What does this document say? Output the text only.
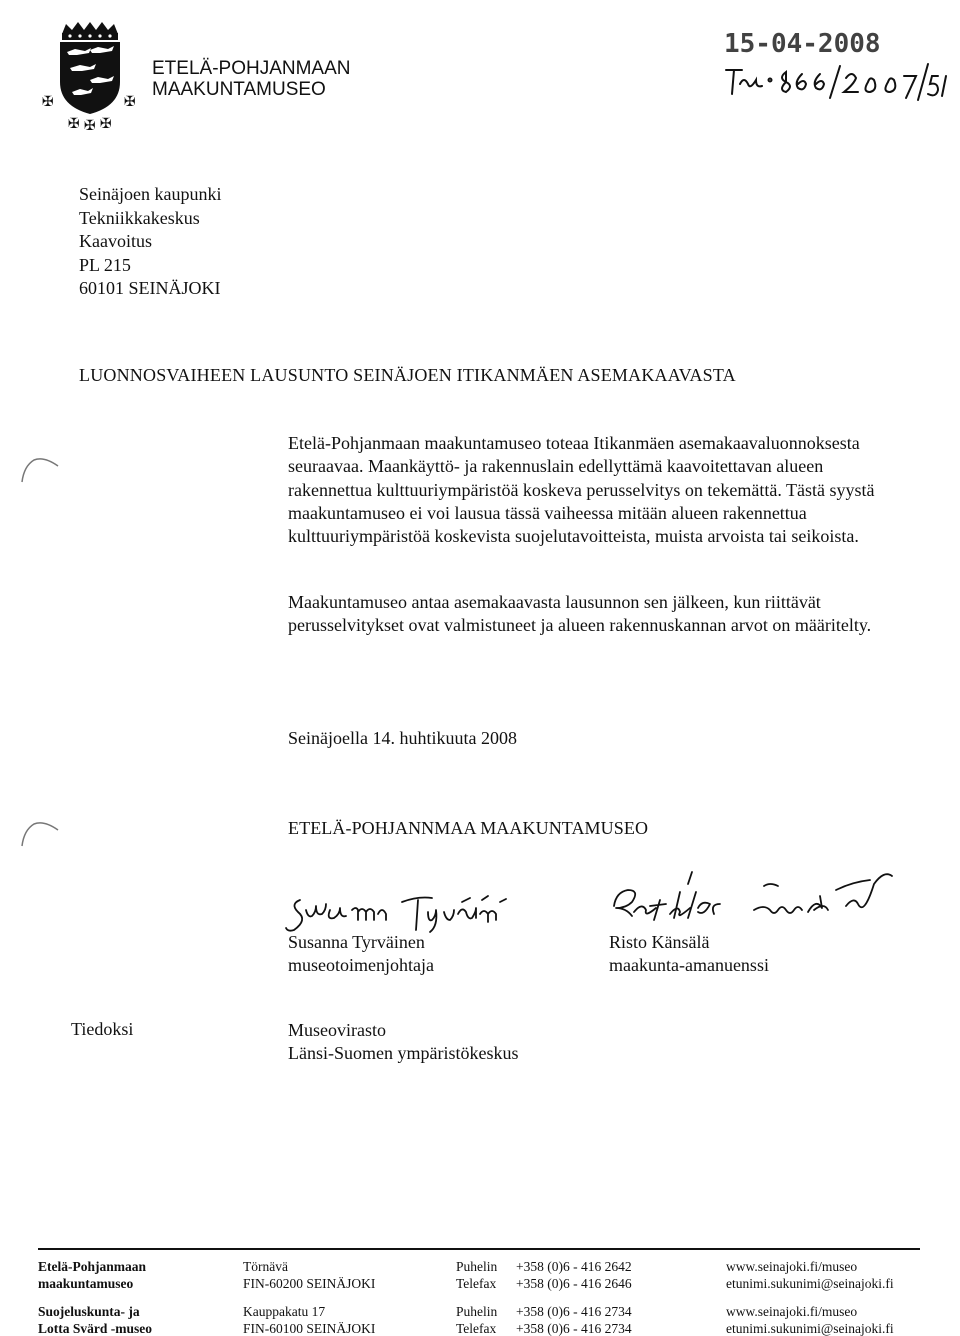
✠	✠
✠ ✠ ✠
ETELÄ-POHJANMAAN
MAAKUNTAMUSEO
15-04-2008
Seinäjoen kaupunki
Tekniikkakeskus
Kaavoitus
PL 215
60101 SEINÄJOKI
LUONNOSVAIHEEN LAUSUNTO SEINÄJOEN ITIKANMÄEN ASEMAKAAVASTA
Etelä-Pohjanmaan maakuntamuseo toteaa Itikanmäen asemakaavaluonnoksesta seuraavaa. Maankäyttö- ja rakennuslain edellyttämä kaavoitettavan alueen rakennettua kulttuuriympäristöä koskeva perusselvitys on tekemättä. Tästä syystä maakuntamuseo ei voi lausua tässä vaiheessa mitään alueen rakennettua kulttuuriympäristöä koskevista suojelutavoitteista, muista arvoista tai seikoista.
Maakuntamuseo antaa asemakaavasta lausunnon sen jälkeen, kun riittävät perusselvitykset ovat valmistuneet ja alueen rakennuskannan arvot on määritelty.
Seinäjoella 14. huhtikuuta 2008
ETELÄ-POHJANNMAA MAAKUNTAMUSEO
Susanna Tyrväinen
museotoimenjohtaja
Risto Känsälä
maakunta-amanuenssi
Tiedoksi	Museovirasto
Länsi-Suomen ympäristökeskus
Etelä-Pohjanmaan
maakuntamuseo
Törnävä
FIN-60200 SEINÄJOKI
Puhelin
Telefax
+358 (0)6 - 416 2642
+358 (0)6 - 416 2646
www.seinajoki.fi/museo
etunimi.sukunimi@seinajoki.fi
Suojeluskunta- ja
Lotta Svärd -museo
Kauppakatu 17
FIN-60100 SEINÄJOKI
Puhelin
Telefax
+358 (0)6 - 416 2734
+358 (0)6 - 416 2734
www.seinajoki.fi/museo
etunimi.sukunimi@seinajoki.fi
